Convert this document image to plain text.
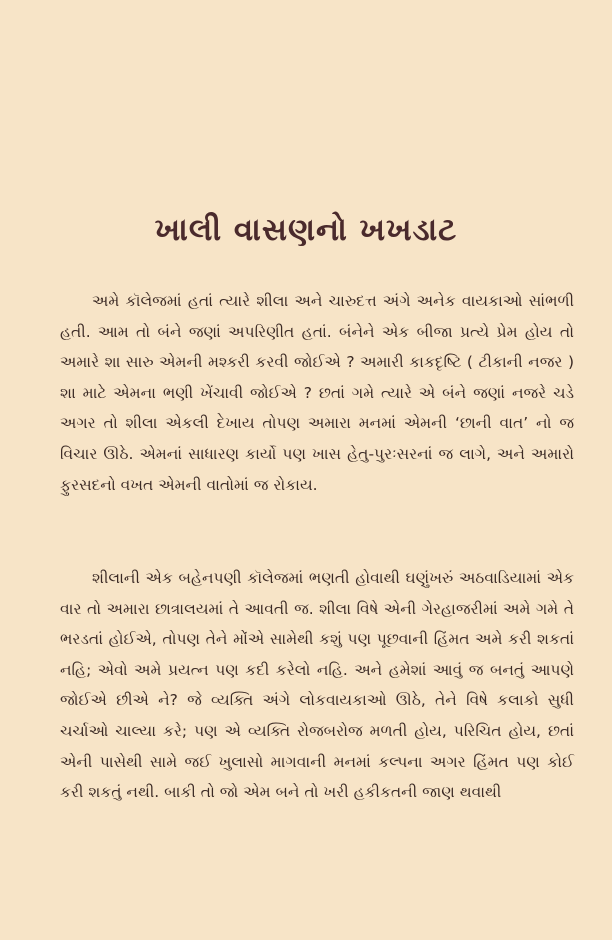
ખાલી વાસણનો ખખડાટ

અમે કૉલેજમાં હતાં ત્યારે શીલા અને ચારુદત્ત અંગે અનેક વાયકાઓ સાંભળી હતી. આમ તો બંને જણાં અપરિણીત હતાં. બંનેને એક બીજા પ્રત્યે પ્રેમ હોય તો અમારે શા સારુ એમની મશ્કરી કરવી જોઈએ ? અમારી કાકદૃષ્ટિ ( ટીકાની નજર ) શા માટે એમના ભણી ખેંચાવી જોઈએ ? છતાં ગમે ત્યારે એ બંને જણાં નજરે ચડે અગર તો શીલા એકલી દેખાય તોપણ અમારા મનમાં એમની ‘છાની વાત’ નો જ વિચાર ઊઠે. એમનાં સાધારણ કાર્યો પણ ખાસ હેતુ-પુરઃસરનાં જ લાગે, અને અમારો ફુરસદનો વખત એમની વાતોમાં જ રોકાય.

શીલાની એક બહેનપણી કૉલેજમાં ભણતી હોવાથી ઘણુંખરું અઠવાડિયામાં એક વાર તો અમારા છાત્રાલયમાં તે આવતી જ. શીલા વિષે એની ગેરહાજરીમાં અમે ગમે તે ભરડતાં હોઈએ, તોપણ તેને મોંએ સામેથી કશું પણ પૂછવાની હિંમત અમે કરી શકતાં નહિ; એવો અમે પ્રયત્ન પણ કદી કરેલો નહિ. અને હમેશાં આવું જ બનતું આપણે જોઈએ છીએ ને? જે વ્યક્તિ અંગે લોકવાયકાઓ ઊઠે, તેને વિષે કલાકો સુધી ચર્ચાઓ ચાલ્યા કરે; પણ એ વ્યક્તિ રોજબરોજ મળતી હોય, પરિચિત હોય, છતાં એની પાસેથી સામે જઈ ખુલાસો માગવાની મનમાં કલ્પના અગર હિંમત પણ કોઈ કરી શકતું નથી. બાકી તો જો એમ બને તો ખરી હકીકતની જાણ થવાથી
